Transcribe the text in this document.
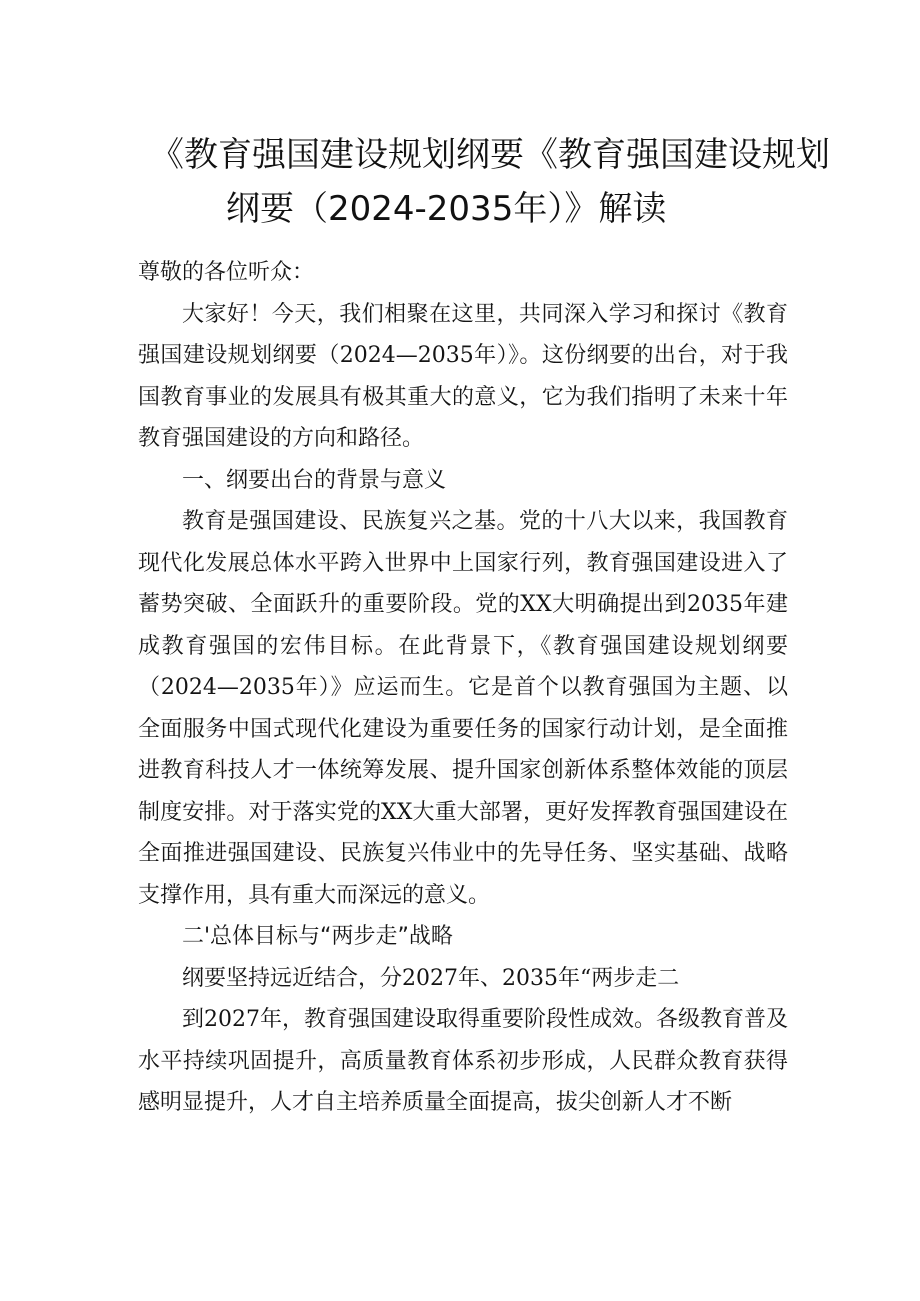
《教育强国建设规划纲要《教育强国建设规划
纲要（2024-2035年）》解读

尊敬的各位听众：

大家好！今天，我们相聚在这里，共同深入学习和探讨《教育强国建设规划纲要（2024—2035年）》。这份纲要的出台，对于我国教育事业的发展具有极其重大的意义，它为我们指明了未来十年教育强国建设的方向和路径。

一、纲要出台的背景与意义

教育是强国建设、民族复兴之基。党的十八大以来，我国教育现代化发展总体水平跨入世界中上国家行列，教育强国建设进入了蓄势突破、全面跃升的重要阶段。党的XX大明确提出到2035年建成教育强国的宏伟目标。在此背景下，《教育强国建设规划纲要（2024—2035年）》应运而生。它是首个以教育强国为主题、以全面服务中国式现代化建设为重要任务的国家行动计划，是全面推进教育科技人才一体统筹发展、提升国家创新体系整体效能的顶层制度安排。对于落实党的XX大重大部署，更好发挥教育强国建设在全面推进强国建设、民族复兴伟业中的先导任务、坚实基础、战略支撑作用，具有重大而深远的意义。

二'总体目标与“两步走”战略

纲要坚持远近结合，分2027年、2035年“两步走二

到2027年，教育强国建设取得重要阶段性成效。各级教育普及水平持续巩固提升，高质量教育体系初步形成，人民群众教育获得感明显提升，人才自主培养质量全面提高，拔尖创新人才不断
